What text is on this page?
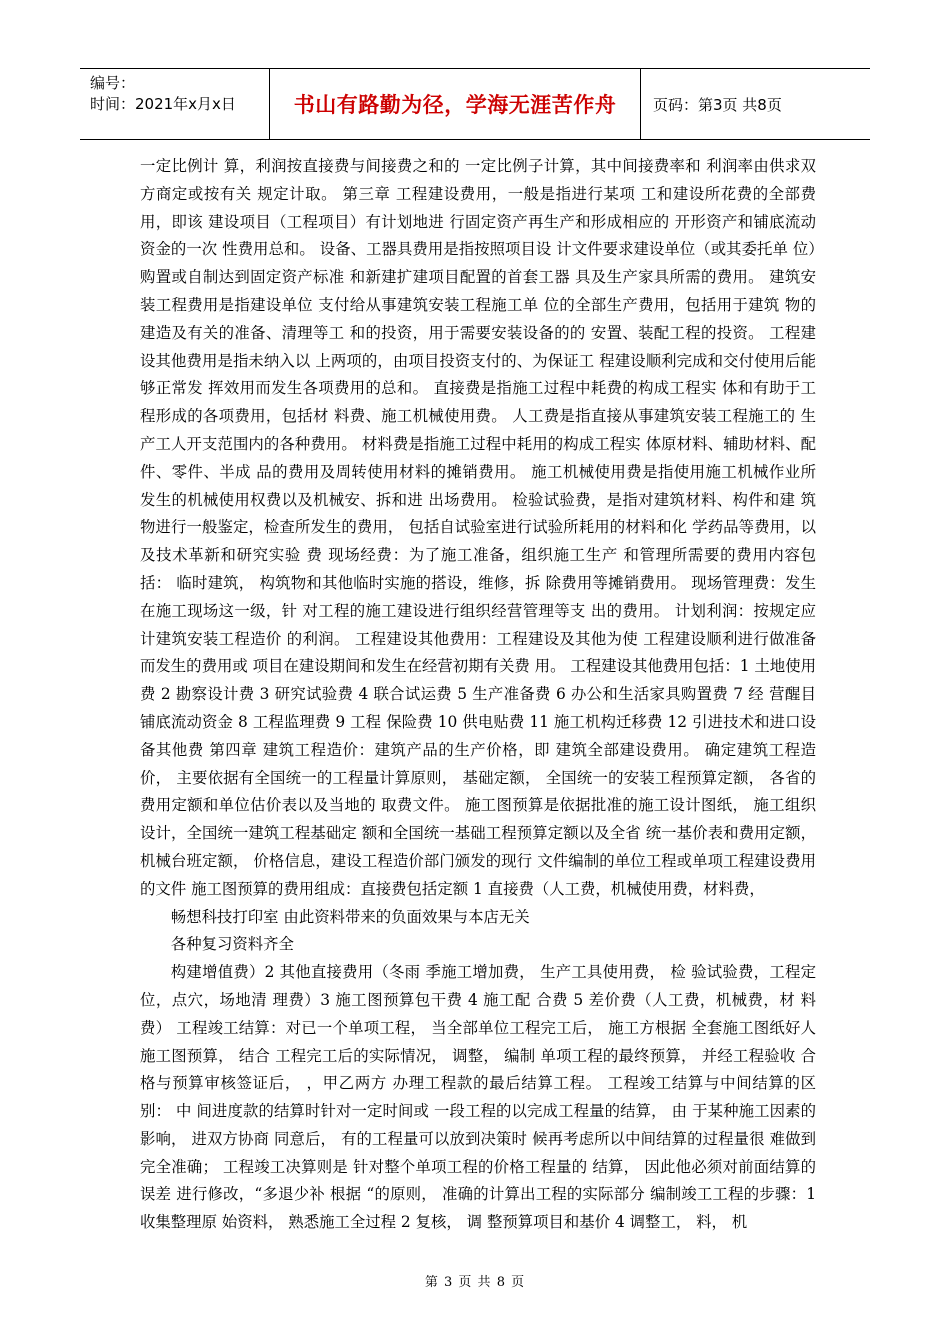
编号：
时间：2021年x月x日	书山有路勤为径，学海无涯苦作舟	页码：第3页 共8页

一定比例计 算，利润按直接费与间接费之和的 一定比例子计算，其中间接费率和 利润率由供求双方商定或按有关 规定计取。 第三章 工程建设费用，一般是指进行某项 工和建设所花费的全部费用，即该 建设项目（工程项目）有计划地进 行固定资产再生产和形成相应的 开形资产和铺底流动资金的一次 性费用总和。 设备、工器具费用是指按照项目设 计文件要求建设单位（或其委托单 位）购置或自制达到固定资产标准 和新建扩建项目配置的首套工器 具及生产家具所需的费用。 建筑安装工程费用是指建设单位 支付给从事建筑安装工程施工单 位的全部生产费用，包括用于建筑 物的建造及有关的准备、清理等工 和的投资，用于需要安装设备的的 安置、装配工程的投资。 工程建设其他费用是指未纳入以 上两项的，由项目投资支付的、为保证工 程建设顺利完成和交付使用后能够正常发 挥效用而发生各项费用的总和。 直接费是指施工过程中耗费的构成工程实 体和有助于工程形成的各项费用，包括材 料费、施工机械使用费。 人工费是指直接从事建筑安装工程施工的 生产工人开支范围内的各种费用。 材料费是指施工过程中耗用的构成工程实 体原材料、辅助材料、配件、零件、半成 品的费用及周转使用材料的摊销费用。 施工机械使用费是指使用施工机械作业所 发生的机械使用权费以及机械安、拆和进 出场费用。 检验试验费，是指对建筑材料、构件和建 筑物进行一般鉴定，检查所发生的费用， 包括自试验室进行试验所耗用的材料和化 学药品等费用，以及技术革新和研究实验 费 现场经费：为了施工准备，组织施工生产 和管理所需要的费用内容包括： 临时建筑， 构筑物和其他临时实施的搭设，维修，拆 除费用等摊销费用。 现场管理费：发生在施工现场这一级，针 对工程的施工建设进行组织经营管理等支 出的费用。 计划利润：按规定应计建筑安装工程造价 的利润。 工程建设其他费用：工程建设及其他为使 工程建设顺利进行做准备而发生的费用或 项目在建设期间和发生在经营初期有关费 用。 工程建设其他费用包括：1 土地使用费 2 勘察设计费 3 研究试验费 4 联合试运费 5 生产准备费 6 办公和生活家具购置费 7 经 营醒目铺底流动资金 8 工程监理费 9 工程 保险费 10 供电贴费 11 施工机构迁移费 12 引进技术和进口设备其他费 第四章 建筑工程造价：建筑产品的生产价格，即 建筑全部建设费用。 确定建筑工程造价， 主要依据有全国统一的工程量计算原则， 基础定额， 全国统一的安装工程预算定额， 各省的费用定额和单位估价表以及当地的 取费文件。 施工图预算是依据批准的施工设计图纸， 施工组织设计，全国统一建筑工程基础定 额和全国统一基础工程预算定额以及全省 统一基价表和费用定额，机械台班定额， 价格信息，建设工程造价部门颁发的现行 文件编制的单位工程或单项工程建设费用 的文件 施工图预算的费用组成：直接费包括定额 1 直接费（人工费，机械使用费，材料费，

畅想科技打印室 由此资料带来的负面效果与本店无关

各种复习资料齐全

构建增值费）2 其他直接费用（冬雨 季施工增加费， 生产工具使用费， 检 验试验费，工程定位，点穴，场地清 理费）3 施工图预算包干费 4 施工配 合费 5 差价费（人工费，机械费，材 料费） 工程竣工结算：对已一个单项工程， 当全部单位工程完工后， 施工方根据 全套施工图纸好人施工图预算， 结合 工程完工后的实际情况， 调整， 编制 单项工程的最终预算， 并经工程验收 合格与预算审核签证后， ，甲乙两方 办理工程款的最后结算工程。 工程竣工结算与中间结算的区别： 中 间进度款的结算时针对一定时间或 一段工程的以完成工程量的结算， 由 于某种施工因素的影响， 进双方协商 同意后， 有的工程量可以放到决策时 候再考虑所以中间结算的过程量很 难做到完全准确； 工程竣工决算则是 针对整个单项工程的价格工程量的 结算， 因此他必须对前面结算的误差 进行修改，“多退少补 根据 “的原则， 准确的计算出工程的实际部分 编制竣工工程的步骤：1 收集整理原 始资料， 熟悉施工全过程 2 复核， 调 整预算项目和基价 4 调整工， 料， 机

第 3 页 共 8 页
